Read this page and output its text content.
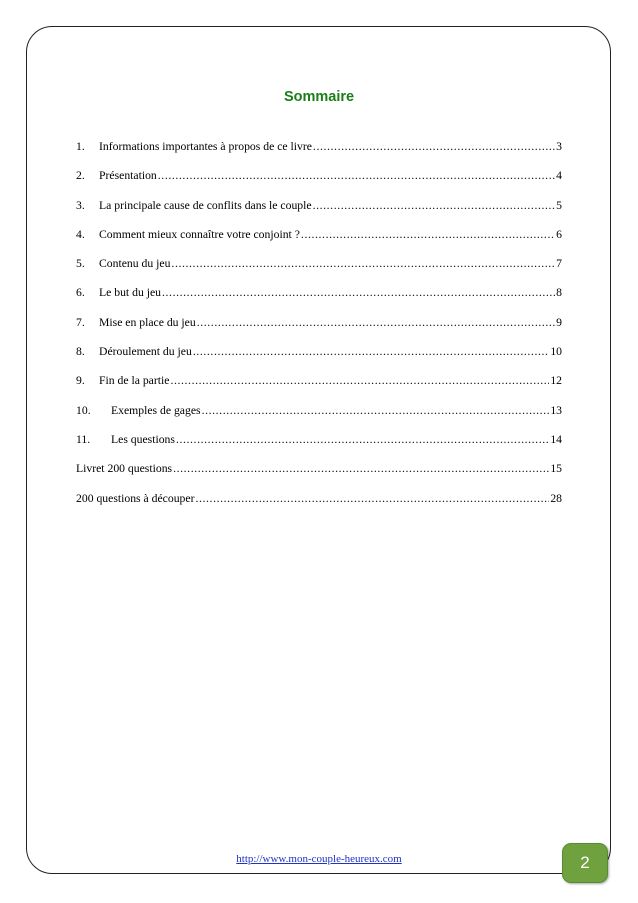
Sommaire
1.	Informations importantes à propos de ce livre .....	3
2.	Présentation .....	4
3.	La principale cause de conflits dans le couple .....	5
4.	Comment mieux connaître votre conjoint ? .....	6
5.	Contenu du jeu .....	7
6.	Le but du jeu .....	8
7.	Mise en place du jeu .....	9
8.	Déroulement du jeu .....	10
9.	Fin de la partie .....	12
10.	Exemples de gages .....	13
11.	Les questions .....	14
Livret 200 questions .....	15
200 questions à découper .....	28
http://www.mon-couple-heureux.com	2
